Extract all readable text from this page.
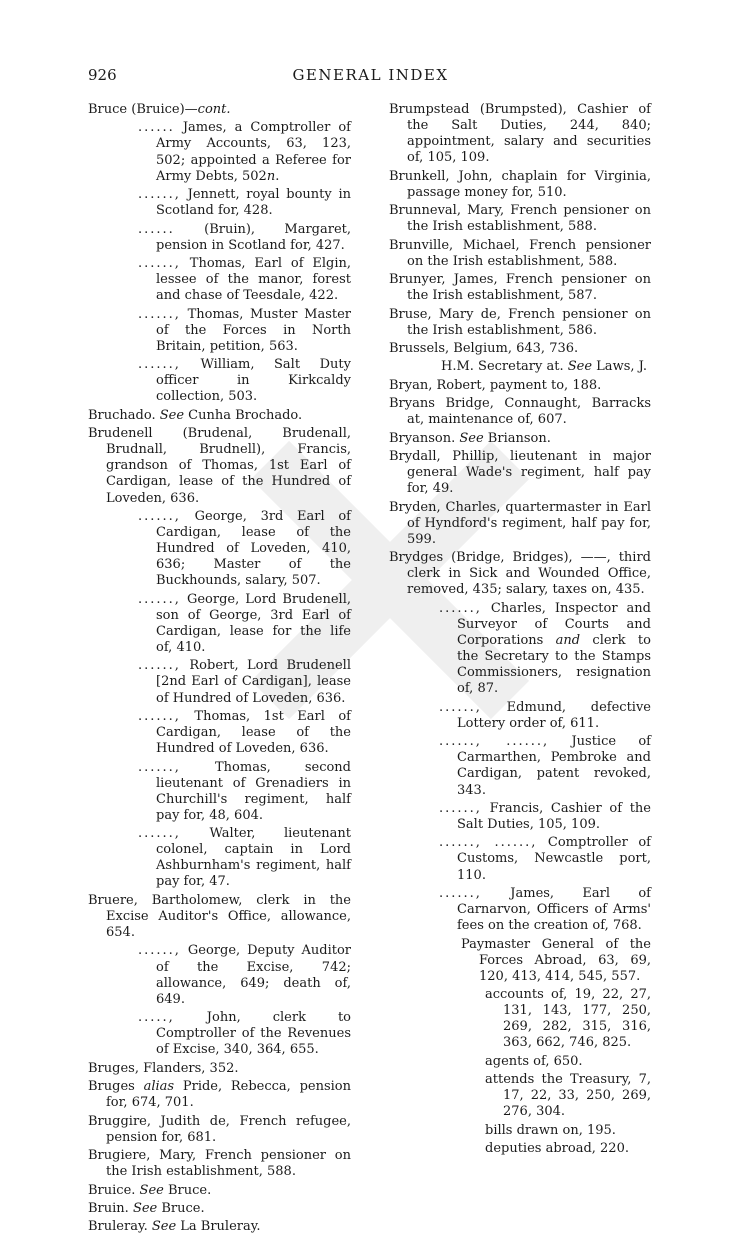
926	GENERAL INDEX
Bruce (Bruice)—cont.
...... James, a Comptroller of Army Accounts, 63, 123, 502; appointed a Referee for Army Debts, 502n.
......, Jennett, royal bounty in Scotland for, 428.
...... (Bruin), Margaret, pension in Scotland for, 427.
......, Thomas, Earl of Elgin, lessee of the manor, forest and chase of Teesdale, 422.
......, Thomas, Muster Master of the Forces in North Britain, petition, 563.
......, William, Salt Duty officer in Kirkcaldy collection, 503.
Bruchado. See Cunha Brochado.
Brudenell (Brudenal, Brudenall, Brudnall, Brudnell), Francis, grandson of Thomas, 1st Earl of Cardigan, lease of the Hundred of Loveden, 636.
......, George, 3rd Earl of Cardigan, lease of the Hundred of Loveden, 410, 636; Master of the Buckhounds, salary, 507.
......, George, Lord Brudenell, son of George, 3rd Earl of Cardigan, lease for the life of, 410.
......, Robert, Lord Brudenell [2nd Earl of Cardigan], lease of Hundred of Loveden, 636.
......, Thomas, 1st Earl of Cardigan, lease of the Hundred of Loveden, 636.
......, Thomas, second lieutenant of Grenadiers in Churchill's regiment, half pay for, 48, 604.
......, Walter, lieutenant colonel, captain in Lord Ashburnham's regiment, half pay for, 47.
Bruere, Bartholomew, clerk in the Excise Auditor's Office, allowance, 654.
......, George, Deputy Auditor of the Excise, 742; allowance, 649; death of, 649.
....., John, clerk to Comptroller of the Revenues of Excise, 340, 364, 655.
Bruges, Flanders, 352.
Bruges alias Pride, Rebecca, pension for, 674, 701.
Bruggire, Judith de, French refugee, pension for, 681.
Brugiere, Mary, French pensioner on the Irish establishment, 588.
Bruice. See Bruce.
Bruin. See Bruce.
Bruleray. See La Bruleray.
Brumpstead (Brumpsted), Cashier of the Salt Duties, 244, 840; appointment, salary and securities of, 105, 109.
Brunkell, John, chaplain for Virginia, passage money for, 510.
Brunneval, Mary, French pensioner on the Irish establishment, 588.
Brunville, Michael, French pensioner on the Irish establishment, 588.
Brunyer, James, French pensioner on the Irish establishment, 587.
Bruse, Mary de, French pensioner on the Irish establishment, 586.
Brussels, Belgium, 643, 736.
H.M. Secretary at. See Laws, J.
Bryan, Robert, payment to, 188.
Bryans Bridge, Connaught, Barracks at, maintenance of, 607.
Bryanson. See Brianson.
Brydall, Phillip, lieutenant in major general Wade's regiment, half pay for, 49.
Bryden, Charles, quartermaster in Earl of Hyndford's regiment, half pay for, 599.
Brydges (Bridge, Bridges), ——, third clerk in Sick and Wounded Office, removed, 435; salary, taxes on, 435.
......, Charles, Inspector and Surveyor of Courts and Corporations and clerk to the Secretary to the Stamps Commissioners, resignation of, 87.
......, Edmund, defective Lottery order of, 611.
......, ......, Justice of Carmarthen, Pembroke and Cardigan, patent revoked, 343.
......, Francis, Cashier of the Salt Duties, 105, 109.
......, ......, Comptroller of Customs, Newcastle port, 110.
......, James, Earl of Carnarvon, Officers of Arms' fees on the creation of, 768.
Paymaster General of the Forces Abroad, 63, 69, 120, 413, 414, 545, 557.
accounts of, 19, 22, 27, 131, 143, 177, 250, 269, 282, 315, 316, 363, 662, 746, 825.
agents of, 650.
attends the Treasury, 7, 17, 22, 33, 250, 269, 276, 304.
bills drawn on, 195.
deputies abroad, 220.
